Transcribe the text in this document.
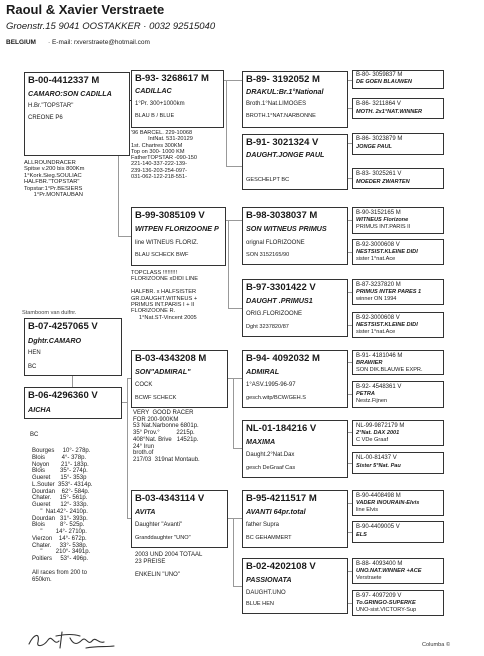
Raoul & Xavier Verstraete
Groenstr.15 9041 OOSTAKKER · 0032 92515040
BELGIUM · E-mail: rxverstraete@hotmail.com
B-00-4412337 M
CAMARO:SON CADILLA
H.Br."TOPSTAR"
CREONE P6
ALLROUNDRACER
Spitse v.200 bis 800Km
1°Kork.Sieg.SOULIAC
HALFBR."TOPSTAR"
Topstar:1°Pr.BESIERS
1°Pr.MONTAUBAN
B-93- 3268617 M
CADILLAC
1°Pr. 300+1000km
BLAU B / BLUE
'96 BARCEL. 229-10068
IntNat. 531-20129
1st. Chartres 300KM
Top on 300- 1000 KM
FatherTOPSTAR -090-150
221-140-337-222-139-
239-136-203-254-097-
031-062-122-218-551-
B-89- 3192052 M
DRAKUL:Br.1°National
Broth.1°Nat.LIMOGES
BROTH.1°NAT.NARBONNE
B-80- 3059837 M
DE GOEN BLAUWEN
B-86- 3211864 V
MOTH. 2x1°NAT.WINNER
B-91- 3021324 V
DAUGHT.JONGE PAUL
GESCHELPT BC
B-86- 3023879 M
JONGE PAUL
B-83- 3025261 V
MOEDER ZWARTEN
B-99-3085109 V
WITPEN FLORIZOONE P
line WITNEUS FLORIZ.
BLAU SCHECK BWF
TOPCLASS !!!!!!!!!
FLORIZOONE xDIDI LINE

HALFBR. x HALFSISTER
GR.DAUGHT.WITNEUS +
PRIMUS INT.PARIS I + II
FLORIZOONE R.
1°Nat.ST-Vincent 2005
B-98-3038037 M
SON WITNEUS PRIMUS
orignal FLORIZOONE
SON 3152165/90
B-90-3152165 M
WITNEUS Florizone
PRIMUS INT.PARIS II
B-92-3000608 V
NESTSIST.KLEINE DIDI
sister 1°nat.Ace
B-97-3301422 V
DAUGHT .PRIMUS1
ORIG.FLORIZOONE
Dght 3237820/87
B-87-3237820 M
PRIMUS INTER PARES 1
winner ON 1994
B-92-3000608 V
NESTSIST.KLEINE DIDI
sister 1°nat.Ace
Stamboom van duifnr.
B-07-4257065 V
Dghtr.CAMARO
HEN
BC
B-06-4296360 V
AICHA
BC
Bourges     10°- 278p.
Blois          4°- 378p.
Noyon       21°- 183p.
Blois         35°- 274p.
Gueret      15°- 353p
L.Souter  353°- 4314p.
Dourdan    62°- 584p.
Chater.     15°- 561p.
Gueret      12°- 333p.
"  Nat.42°- 2410p.
Dourdan   31°- 393p.
Blois         8°- 525p.
"        14°- 2710p.
Vierzon    14°- 672p.
Chater.     33°- 538p.
"        210°- 3491p.
Poitiers     53°- 496p.

All races from 200 to
650km.
B-03-4343208 M
SON"ADMIRAL"
COCK
BCWF SCHECK
VERY  GOOD RACER
FOR 200-900KM
53 Nat.Narbonne 6801p.
35° Prov.°          2215p.
408°Nat. Brive   14521p.
24° Irun
broth.of
217/03  319nat Montaub.
B-94- 4092032 M
ADMIRAL
1°ASV.1995-96-97
gesch.witp/BCW/GEH.S
B-91- 4181046 M
BRAWIER
SON DIK.BLAUWE EXPR.
B-92- 4548361 V
PETRA
Nestz.Fijnen
NL-01-184216 V
MAXIMA
Daught.2°Nat.Dax
gesch DeGraaf Cas
NL-99-9872179 M
2°Nat. DAX 2001
C VDe Graaf
NL-00-81437 V
Sister 5°Nat. Pau
B-03-4343114 V
AVITA
Daughter "Avanti"
Granddaughter "UNO"
2003 UND 2004 TOTAAL
23 PREISE

ENKELIN "UNO"
B-95-4211517 M
AVANTI 64pr.total
father Supra
BC GEHAMMERT
B-90-4408498 M
VADER INOURAIN-Elvis
line Elvis
B-90-4409005 V
ELS
B-02-4202108 V
PASSIONATA
DAUGHT.UNO
BLUE HEN
B-88- 4093400 M
UNO.NAT.WINNER +ACE
Verstraete
B-97- 4097209 V
To.GRINGO-SUPERKE
UNO-sist.VICTORY-Sup
Columba ©
